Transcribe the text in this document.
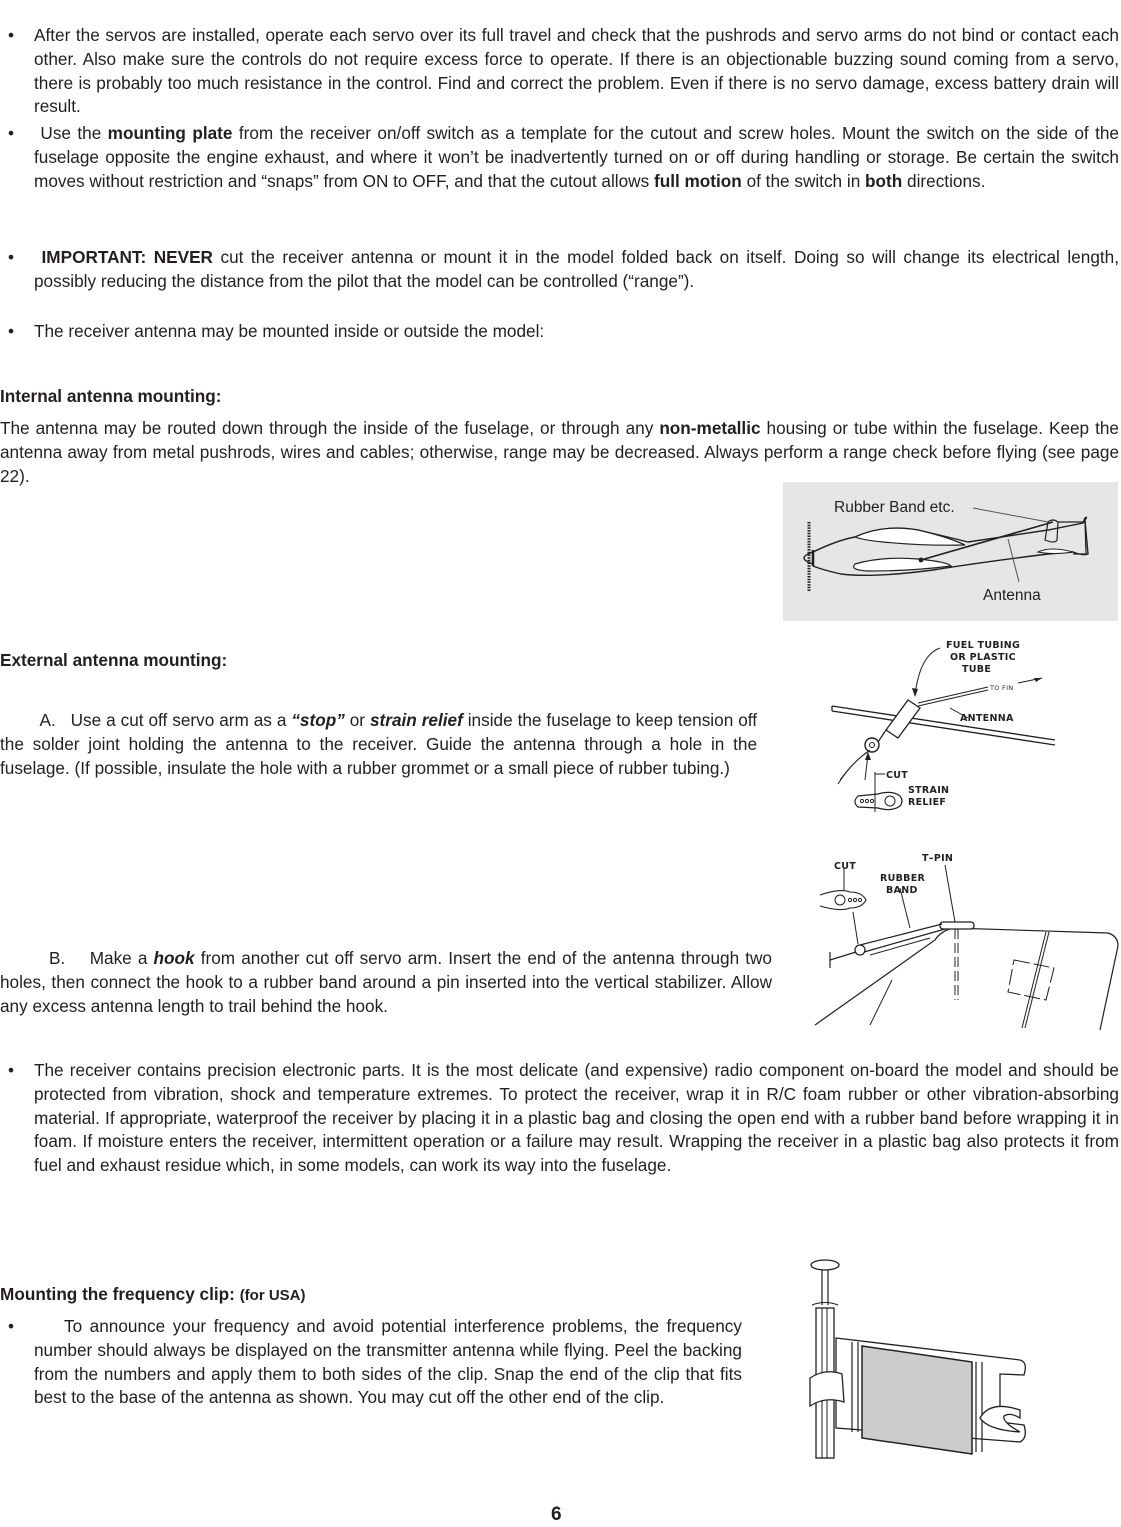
• After the servos are installed, operate each servo over its full travel and check that the pushrods and servo arms do not bind or contact each other. Also make sure the controls do not require excess force to operate. If there is an objectionable buzzing sound coming from a servo, there is probably too much resistance in the control. Find and correct the problem. Even if there is no servo damage, excess battery drain will result.

•	Use the mounting plate from the receiver on/off switch as a template for the cutout and screw holes. Mount the switch on the side of the fuselage opposite the engine exhaust, and where it won’t be inadvertently turned on or off during handling or storage. Be certain the switch moves without restriction and “snaps” from ON to OFF, and that the cutout allows full motion of the switch in both directions.

•	IMPORTANT: NEVER cut the receiver antenna or mount it in the model folded back on itself. Doing so will change its electrical length, possibly reducing the distance from the pilot that the model can be controlled (“range”).

• The receiver antenna may be mounted inside or outside the model:

Internal antenna mounting:

The antenna may be routed down through the inside of the fuselage, or through any non-metallic housing or tube within the fuselage. Keep the antenna away from metal pushrods, wires and cables; otherwise, range may be decreased. Always perform a range check before flying (see page 22).

Rubber Band etc.
Antenna
External antenna mounting:

A. Use a cut off servo arm as a “stop” or strain relief inside the fuselage to keep tension off the solder joint holding the antenna to the receiver. Guide the antenna through a hole in the fuselage. (If possible, insulate the hole with a rubber grommet or a small piece of rubber tubing.)

TO FIN
CUT
STRAIN
RELIEF
FUEL TUBING
OR PLASTIC
TUBE
ANTENNA

B. Make a hook from another cut off servo arm. Insert the end of the antenna through two holes, then connect the hook to a rubber band around a pin inserted into the vertical stabilizer. Allow any excess antenna length to trail behind the hook.

CUT
RUBBER
BAND
T–PIN
• The receiver contains precision electronic parts. It is the most delicate (and expensive) radio component on-board the model and should be protected from vibration, shock and temperature extremes. To protect the receiver, wrap it in R/C foam rubber or other vibration-absorbing material. If appropriate, waterproof the receiver by placing it in a plastic bag and closing the open end with a rubber band before wrapping it in foam. If moisture enters the receiver, intermittent operation or a failure may result. Wrapping the receiver in a plastic bag also protects it from fuel and exhaust residue which, in some models, can work its way into the fuselage.

Mounting the frequency clip: (for USA)
•	To announce your frequency and avoid potential interference problems, the frequency number should always be displayed on the transmitter antenna while flying. Peel the backing from the numbers and apply them to both sides of the clip. Snap the end of the clip that fits best to the base of the antenna as shown. You may cut off the other end of the clip.

6
